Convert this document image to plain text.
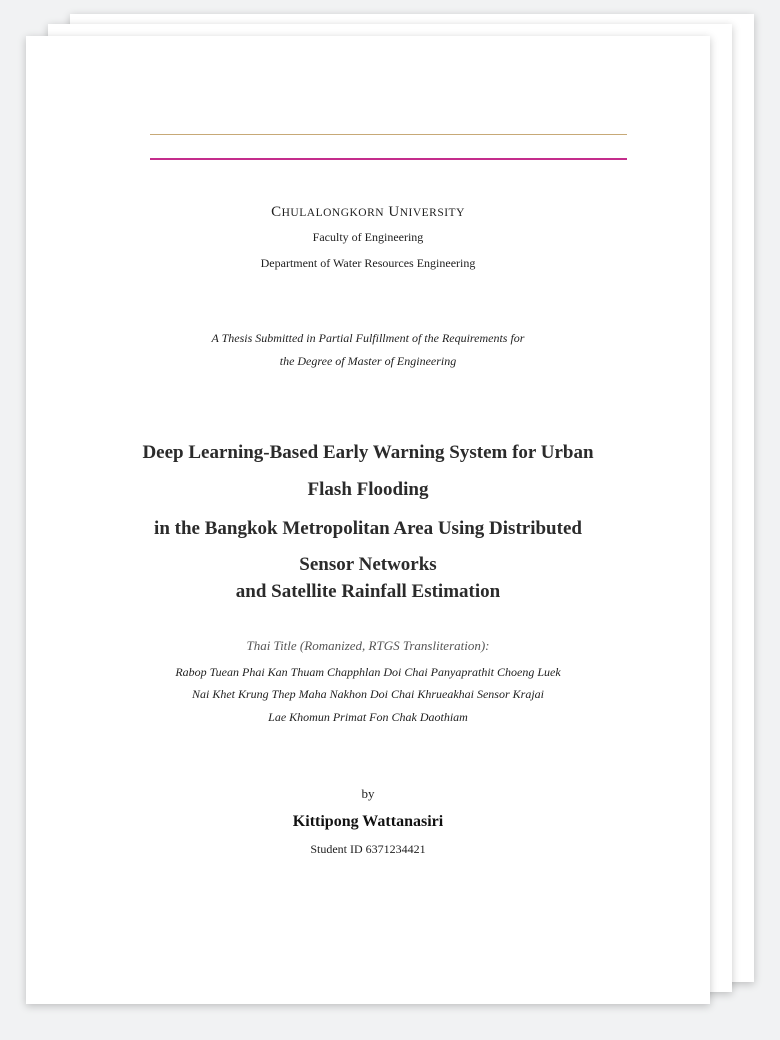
CHULALONGKORN UNIVERSITY
Faculty of Engineering
Department of Water Resources Engineering
A Thesis Submitted in Partial Fulfillment of the Requirements for
the Degree of Master of Engineering
Deep Learning-Based Early Warning System for Urban
Flash Flooding
in the Bangkok Metropolitan Area Using Distributed
Sensor Networks
and Satellite Rainfall Estimation
Thai Title (Romanized, RTGS Transliteration):
Rabop Tuean Phai Kan Thuam Chapphlan Doi Chai Panyaprathit Choeng Luek
Nai Khet Krung Thep Maha Nakhon Doi Chai Khrueakhai Sensor Krajai
Lae Khomun Primat Fon Chak Daothiam
by
Kittipong Wattanasiri
Student ID 6371234421
